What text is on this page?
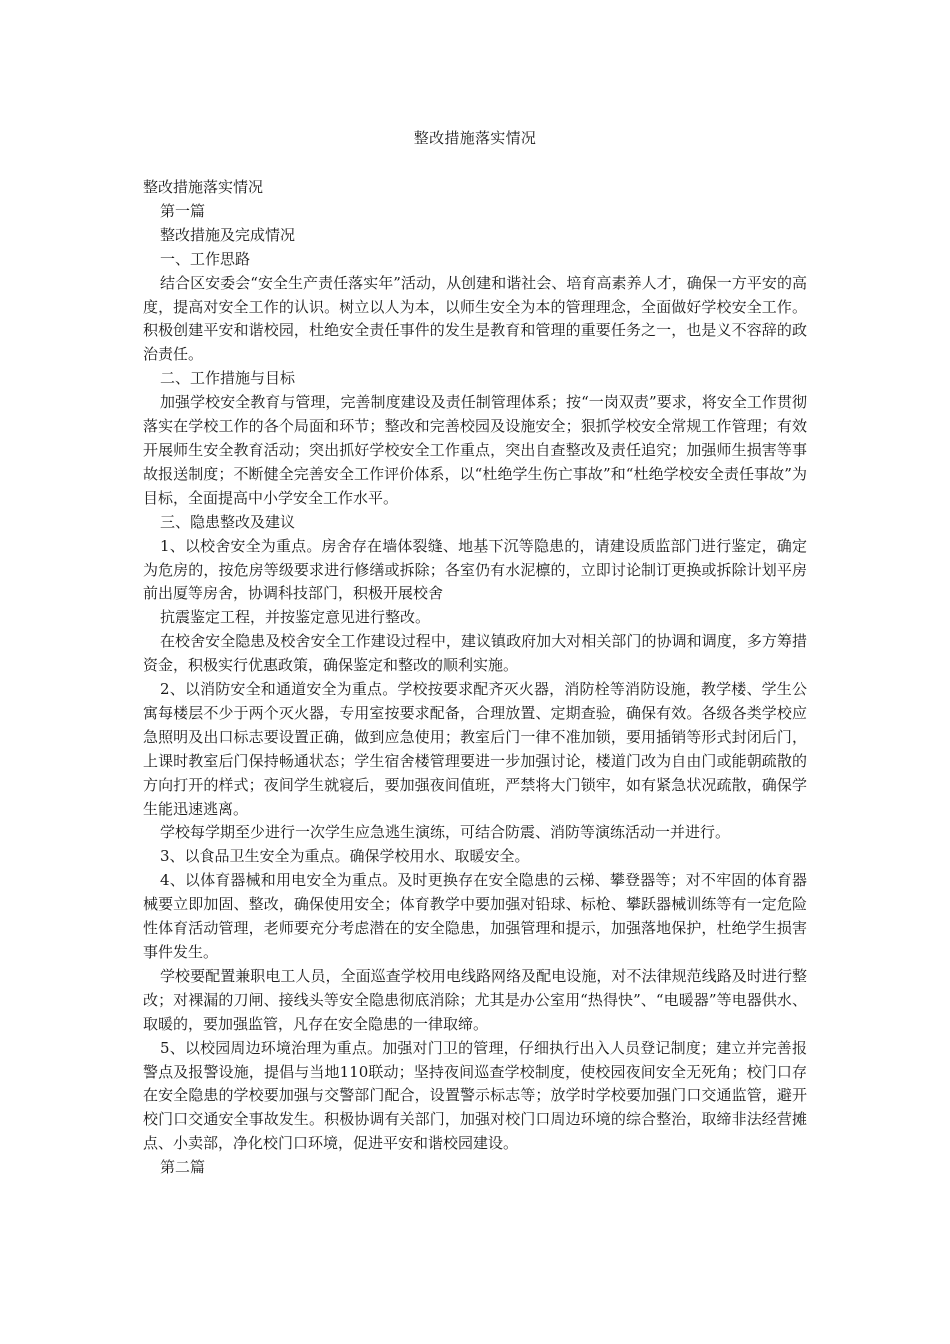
整改措施落实情况

整改措施落实情况

第一篇

整改措施及完成情况

一、工作思路

结合区安委会“安全生产责任落实年”活动，从创建和谐社会、培育高素养人才，确保一方平安的高度，提高对安全工作的认识。树立以人为本，以师生安全为本的管理理念，全面做好学校安全工作。积极创建平安和谐校园，杜绝安全责任事件的发生是教育和管理的重要任务之一，也是义不容辞的政治责任。

二、工作措施与目标

加强学校安全教育与管理，完善制度建设及责任制管理体系；按“一岗双责”要求，将安全工作贯彻落实在学校工作的各个局面和环节；整改和完善校园及设施安全；狠抓学校安全常规工作管理；有效开展师生安全教育活动；突出抓好学校安全工作重点，突出自查整改及责任追究；加强师生损害等事故报送制度；不断健全完善安全工作评价体系，以“杜绝学生伤亡事故”和“杜绝学校安全责任事故”为目标，全面提高中小学安全工作水平。

三、隐患整改及建议

1、以校舍安全为重点。房舍存在墙体裂缝、地基下沉等隐患的，请建设质监部门进行鉴定，确定为危房的，按危房等级要求进行修缮或拆除；各室仍有水泥檩的，立即讨论制订更换或拆除计划平房前出厦等房舍，协调科技部门，积极开展校舍

抗震鉴定工程，并按鉴定意见进行整改。

在校舍安全隐患及校舍安全工作建设过程中，建议镇政府加大对相关部门的协调和调度，多方筹措资金，积极实行优惠政策，确保鉴定和整改的顺利实施。

2、以消防安全和通道安全为重点。学校按要求配齐灭火器，消防栓等消防设施，教学楼、学生公寓每楼层不少于两个灭火器，专用室按要求配备，合理放置、定期查验，确保有效。各级各类学校应急照明及出口标志要设置正确，做到应急使用；教室后门一律不准加锁，要用插销等形式封闭后门，上课时教室后门保持畅通状态；学生宿舍楼管理要进一步加强讨论，楼道门改为自由门或能朝疏散的方向打开的样式；夜间学生就寝后，要加强夜间值班，严禁将大门锁牢，如有紧急状况疏散，确保学生能迅速逃离。

学校每学期至少进行一次学生应急逃生演练，可结合防震、消防等演练活动一并进行。

3、以食品卫生安全为重点。确保学校用水、取暖安全。

4、以体育器械和用电安全为重点。及时更换存在安全隐患的云梯、攀登器等；对不牢固的体育器械要立即加固、整改，确保使用安全；体育教学中要加强对铅球、标枪、攀跃器械训练等有一定危险性体育活动管理，老师要充分考虑潜在的安全隐患，加强管理和提示，加强落地保护，杜绝学生损害事件发生。

学校要配置兼职电工人员，全面巡查学校用电线路网络及配电设施，对不法律规范线路及时进行整改；对裸漏的刀闸、接线头等安全隐患彻底消除；尤其是办公室用“热得快”、“电暖器”等电器供水、取暖的，要加强监管，凡存在安全隐患的一律取缔。

5、以校园周边环境治理为重点。加强对门卫的管理，仔细执行出入人员登记制度；建立并完善报警点及报警设施，提倡与当地110联动；坚持夜间巡查学校制度，使校园夜间安全无死角；校门口存在安全隐患的学校要加强与交警部门配合，设置警示标志等；放学时学校要加强门口交通监管，避开校门口交通安全事故发生。积极协调有关部门，加强对校门口周边环境的综合整治，取缔非法经营摊点、小卖部，净化校门口环境，促进平安和谐校园建设。

第二篇
